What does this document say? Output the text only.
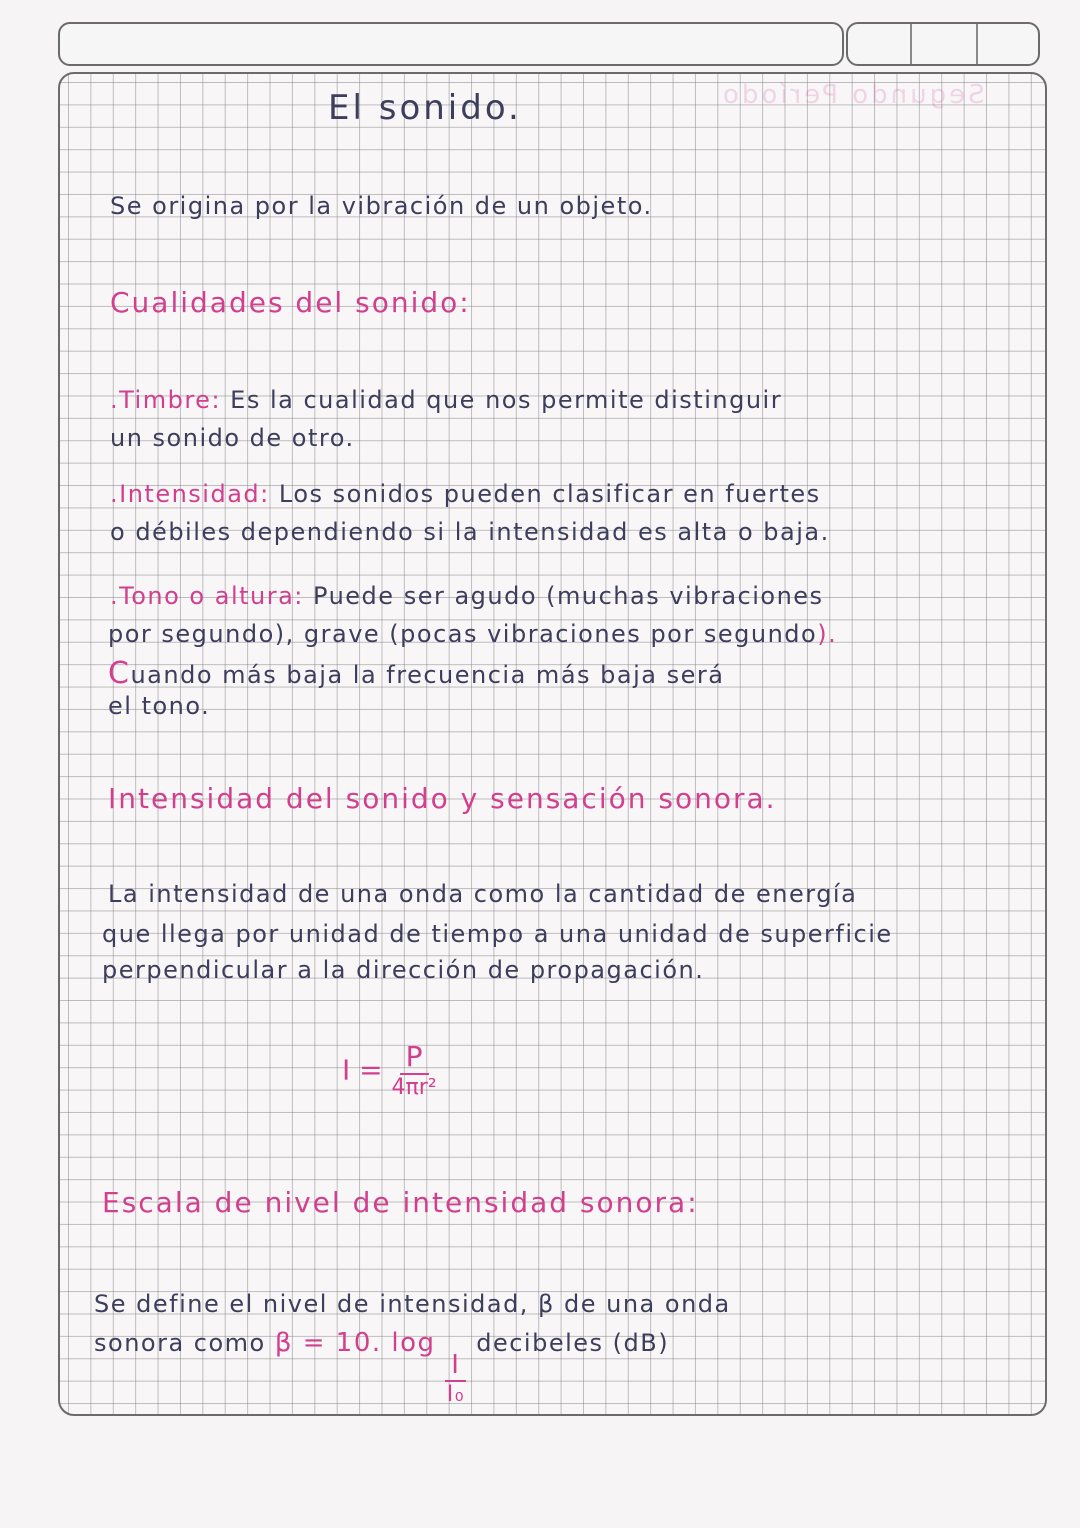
Segundo Período
El sonido.
Se origina por la vibración de un objeto.
Cualidades del sonido:
.Timbre: Es la cualidad que nos permite distinguir
un sonido de otro.
.Intensidad: Los sonidos pueden clasificar en fuertes
o débiles dependiendo si la intensidad es alta o baja.
.Tono o altura: Puede ser agudo (muchas vibraciones
por segundo), grave (pocas vibraciones por segundo).
Cuando más baja la frecuencia más baja será
el tono.
Intensidad del sonido y sensación sonora.
La intensidad de una onda como la cantidad de energía
que llega por unidad de tiempo a una unidad de superficie
perpendicular a la dirección de propagación.
$I = \frac{P}{\text{4πr²}}$
Escala de nivel de intensidad sonora:
Se define el nivel de intensidad, β de una onda
sonora como β = 10. log
$\frac{I}{\text{I₀}}$
decibeles (dB)
